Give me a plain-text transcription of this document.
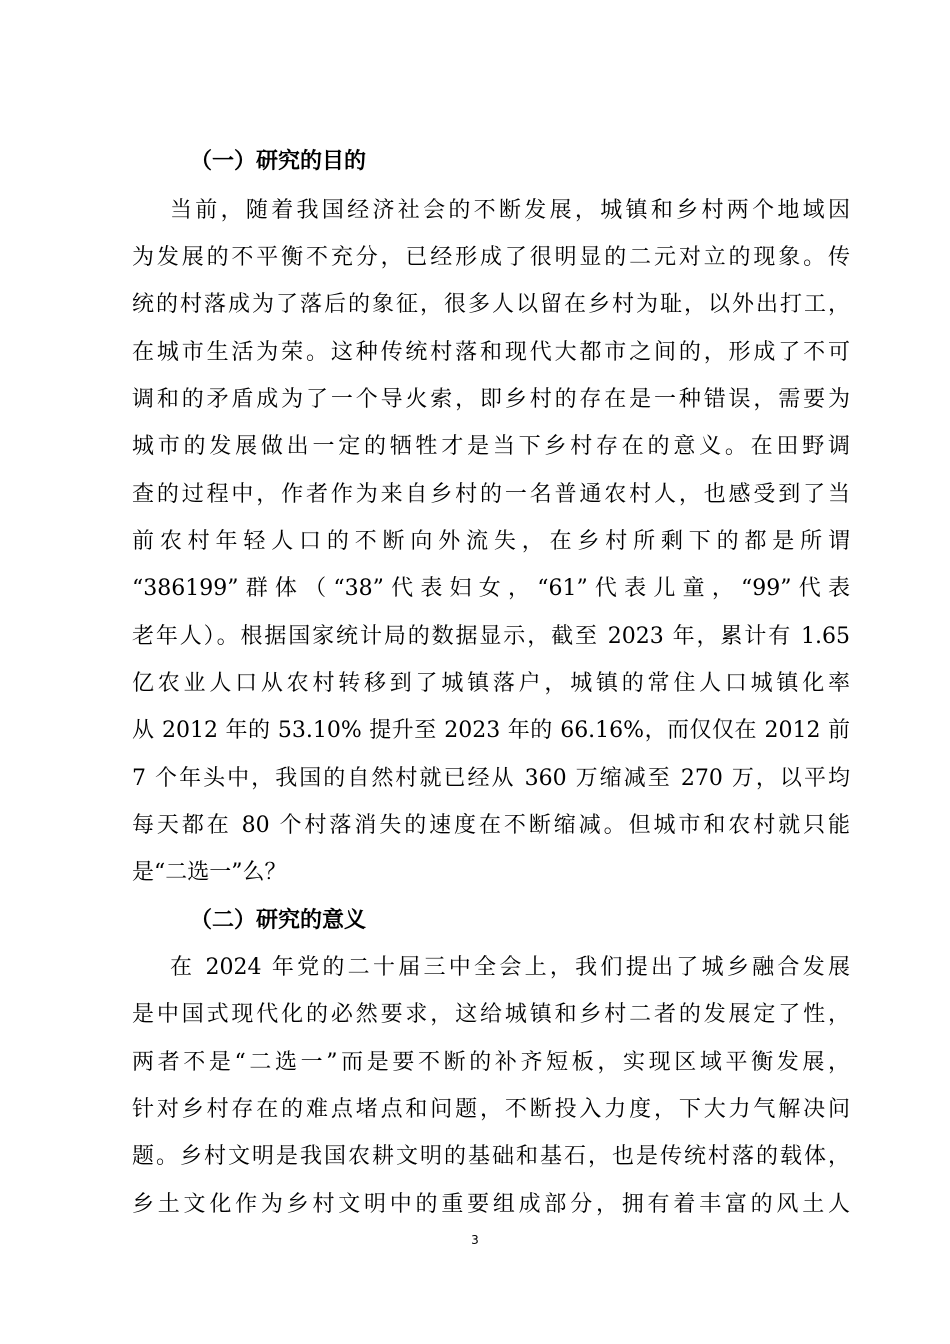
（一）研究的目的
当前，随着我国经济社会的不断发展，城镇和乡村两个地域因
为发展的不平衡不充分，已经形成了很明显的二元对立的现象。传
统的村落成为了落后的象征，很多人以留在乡村为耻，以外出打工，
在城市生活为荣。这种传统村落和现代大都市之间的，形成了不可
调和的矛盾成为了一个导火索，即乡村的存在是一种错误，需要为
城市的发展做出一定的牺牲才是当下乡村存在的意义。在田野调
查的过程中，作者作为来自乡村的一名普通农村人，也感受到了当
前农村年轻人口的不断向外流失，在乡村所剩下的都是所谓
“386199”群体（“38”代表妇女，“61”代表儿童，“99”代表
老年人）。根据国家统计局的数据显示，截至 2023 年，累计有 1.65
亿农业人口从农村转移到了城镇落户，城镇的常住人口城镇化率
从 2012 年的 53.10% 提升至 2023 年的 66.16%，而仅仅在 2012 前
7 个年头中，我国的自然村就已经从 360 万缩减至 270 万，以平均
每天都在 80 个村落消失的速度在不断缩减。但城市和农村就只能
是“二选一”么？
（二）研究的意义
在 2024 年党的二十届三中全会上，我们提出了城乡融合发展
是中国式现代化的必然要求，这给城镇和乡村二者的发展定了性，
两者不是“二选一”而是要不断的补齐短板，实现区域平衡发展，
针对乡村存在的难点堵点和问题，不断投入力度，下大力气解决问
题。乡村文明是我国农耕文明的基础和基石，也是传统村落的载体，
乡土文化作为乡村文明中的重要组成部分，拥有着丰富的风土人
3
